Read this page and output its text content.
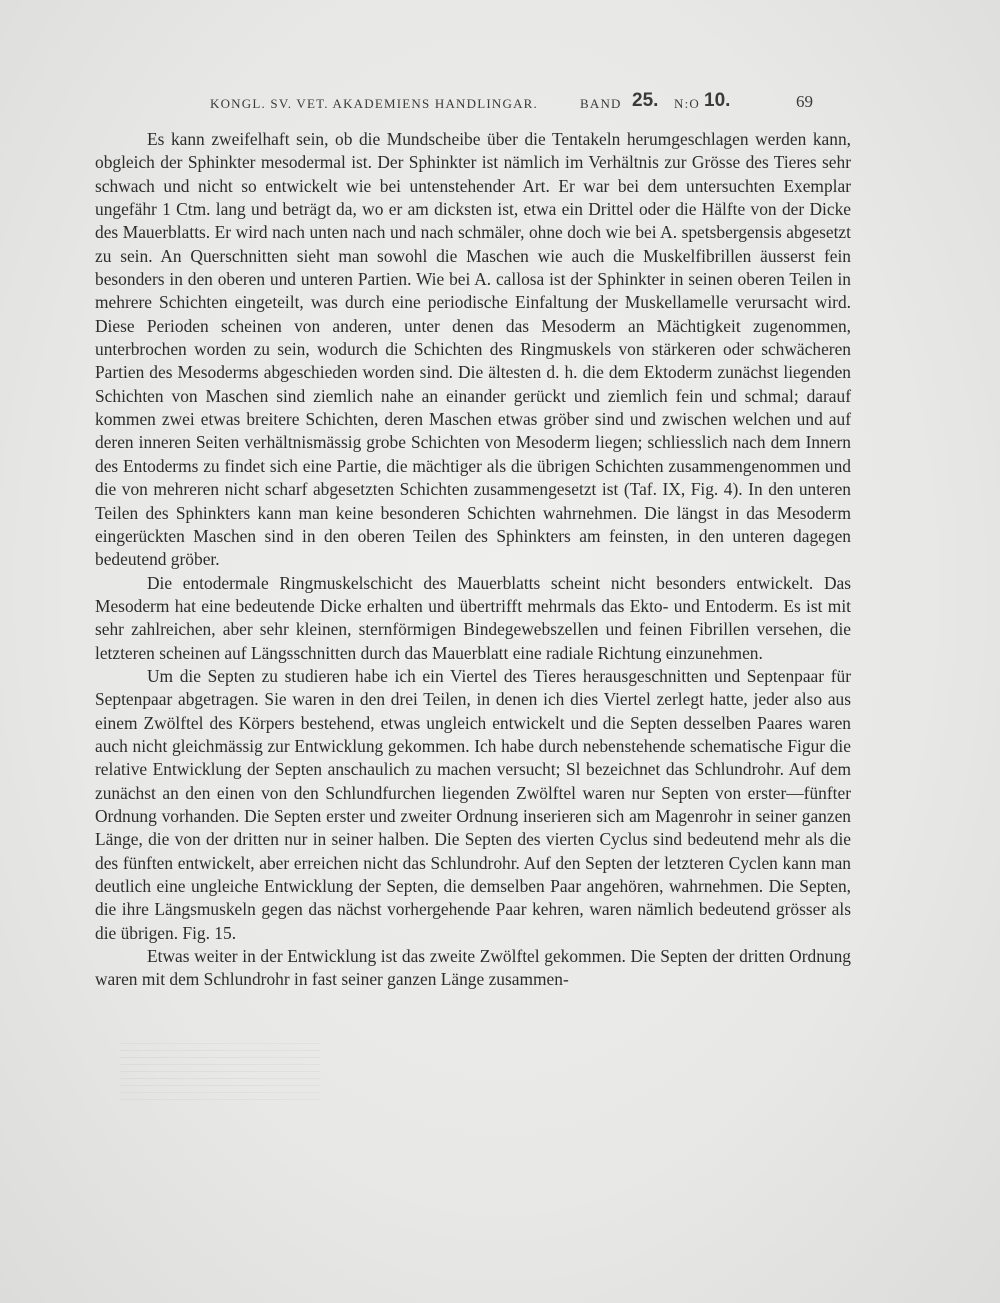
KONGL. SV. VET. AKADEMIENS HANDLINGAR.	BAND 25. N:O 10.	69

Es kann zweifelhaft sein, ob die Mundscheibe über die Tentakeln herumgeschlagen werden kann, obgleich der Sphinkter mesodermal ist. Der Sphinkter ist nämlich im Verhältnis zur Grösse des Tieres sehr schwach und nicht so entwickelt wie bei untenstehender Art. Er war bei dem untersuchten Exemplar ungefähr 1 Ctm. lang und beträgt da, wo er am dicksten ist, etwa ein Drittel oder die Hälfte von der Dicke des Mauerblatts. Er wird nach unten nach und nach schmäler, ohne doch wie bei A. spetsbergensis abgesetzt zu sein. An Querschnitten sieht man sowohl die Maschen wie auch die Muskelfibrillen äusserst fein besonders in den oberen und unteren Partien. Wie bei A. callosa ist der Sphinkter in seinen oberen Teilen in mehrere Schichten eingeteilt, was durch eine periodische Einfaltung der Muskellamelle verursacht wird. Diese Perioden scheinen von anderen, unter denen das Mesoderm an Mächtigkeit zugenommen, unterbrochen worden zu sein, wodurch die Schichten des Ringmuskels von stärkeren oder schwächeren Partien des Mesoderms abgeschieden worden sind. Die ältesten d. h. die dem Ektoderm zunächst liegenden Schichten von Maschen sind ziemlich nahe an einander gerückt und ziemlich fein und schmal; darauf kommen zwei etwas breitere Schichten, deren Maschen etwas gröber sind und zwischen welchen und auf deren inneren Seiten verhältnismässig grobe Schichten von Mesoderm liegen; schliesslich nach dem Innern des Entoderms zu findet sich eine Partie, die mächtiger als die übrigen Schichten zusammengenommen und die von mehreren nicht scharf abgesetzten Schichten zusammengesetzt ist (Taf. IX, Fig. 4). In den unteren Teilen des Sphinkters kann man keine besonderen Schichten wahrnehmen. Die längst in das Mesoderm eingerückten Maschen sind in den oberen Teilen des Sphinkters am feinsten, in den unteren dagegen bedeutend gröber.

Die entodermale Ringmuskelschicht des Mauerblatts scheint nicht besonders entwickelt. Das Mesoderm hat eine bedeutende Dicke erhalten und übertrifft mehrmals das Ekto- und Entoderm. Es ist mit sehr zahlreichen, aber sehr kleinen, sternförmigen Bindegewebszellen und feinen Fibrillen versehen, die letzteren scheinen auf Längsschnitten durch das Mauerblatt eine radiale Richtung einzunehmen.

Um die Septen zu studieren habe ich ein Viertel des Tieres herausgeschnitten und Septenpaar für Septenpaar abgetragen. Sie waren in den drei Teilen, in denen ich dies Viertel zerlegt hatte, jeder also aus einem Zwölftel des Körpers bestehend, etwas ungleich entwickelt und die Septen desselben Paares waren auch nicht gleichmässig zur Entwicklung gekommen. Ich habe durch nebenstehende schematische Figur die relative Entwicklung der Septen anschaulich zu machen versucht; Sl bezeichnet das Schlundrohr. Auf dem zunächst an den einen von den Schlundfurchen liegenden Zwölftel waren nur Septen von erster—fünfter Ordnung vorhanden. Die Septen erster und zweiter Ordnung inserieren sich am Magenrohr in seiner ganzen Länge, die von der dritten nur in seiner halben. Die Septen des vierten Cyclus sind bedeutend mehr als die des fünften entwickelt, aber erreichen nicht das Schlundrohr. Auf den Septen der letzteren Cyclen kann man deutlich eine ungleiche Entwicklung der Septen, die demselben Paar angehören, wahrnehmen. Die Septen, die ihre Längsmuskeln gegen das nächst vorhergehende Paar kehren, waren nämlich bedeutend grösser als die übrigen. Fig. 15.

Etwas weiter in der Entwicklung ist das zweite Zwölftel gekommen. Die Septen der dritten Ordnung waren mit dem Schlundrohr in fast seiner ganzen Länge zusammen-
